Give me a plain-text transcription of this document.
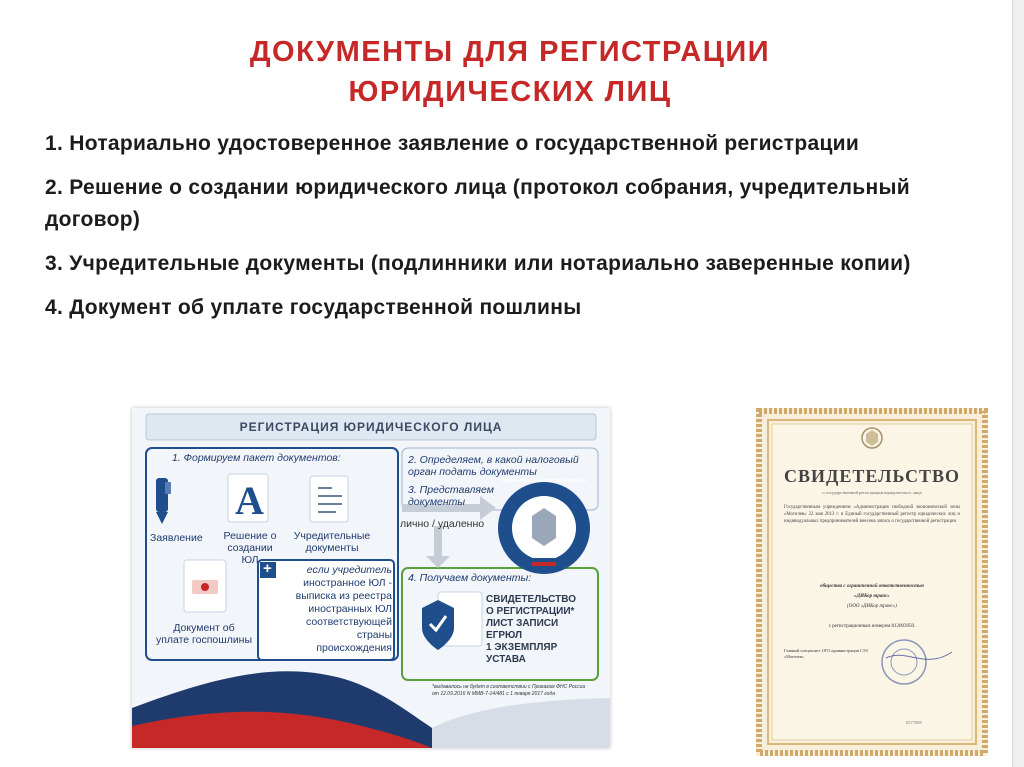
ДОКУМЕНТЫ ДЛЯ РЕГИСТРАЦИИ
ЮРИДИЧЕСКИХ ЛИЦ
1. Нотариально удостоверенное заявление о государственной регистрации
2. Решение о создании юридического лица (протокол собрания, учредительный договор)
3. Учредительные документы (подлинники или нотариально заверенные копии)
4. Документ об уплате государственной пошлины
A
РЕГИСТРАЦИЯ ЮРИДИЧЕСКОГО ЛИЦА
1. Формируем пакет документов:
Заявление Решение о
создании ЮЛ
Учредительные
документы
Документ об
уплате госпошлины
+	если учредитель
иностранное ЮЛ -
выписка из реестра
иностранных ЮЛ
соответствующей
страны
происхождения
2. Определяем, в какой налоговый
орган подать документы
3. Представляем
документы
лично / удаленно
ФЕДЕРАЛЬНАЯ НАЛОГОВАЯ СЛУЖБА
4. Получаем документы:
СВИДЕТЕЛЬСТВО
О РЕГИСТРАЦИИ*
ЛИСТ ЗАПИСИ
ЕГРЮЛ
1 ЭКЗЕМПЛЯР
УСТАВА
*выдавалось не будет в соответствии с Приказом ФНС России
от 12.09.2016 N ММВ-7-14/481 с 1 января 2017 года
СВИДЕТЕЛЬСТВО
о государственной регистрации юридического лица
Государственным учреждением «Администрация свободной экономической зоны «Могилев» 22 мая 2013 г. в Единый государственный регистр юридических лиц и индивидуальных предпринимателей внесена запись о государственной регистрации
общества с ограниченной ответственностью
«ДИКор транс»
(ООО «ДИКор транс»)
с регистрационным номером 812003950.
Главный специалист ОГО администрации СЭЗ «Могилев»
0577088
